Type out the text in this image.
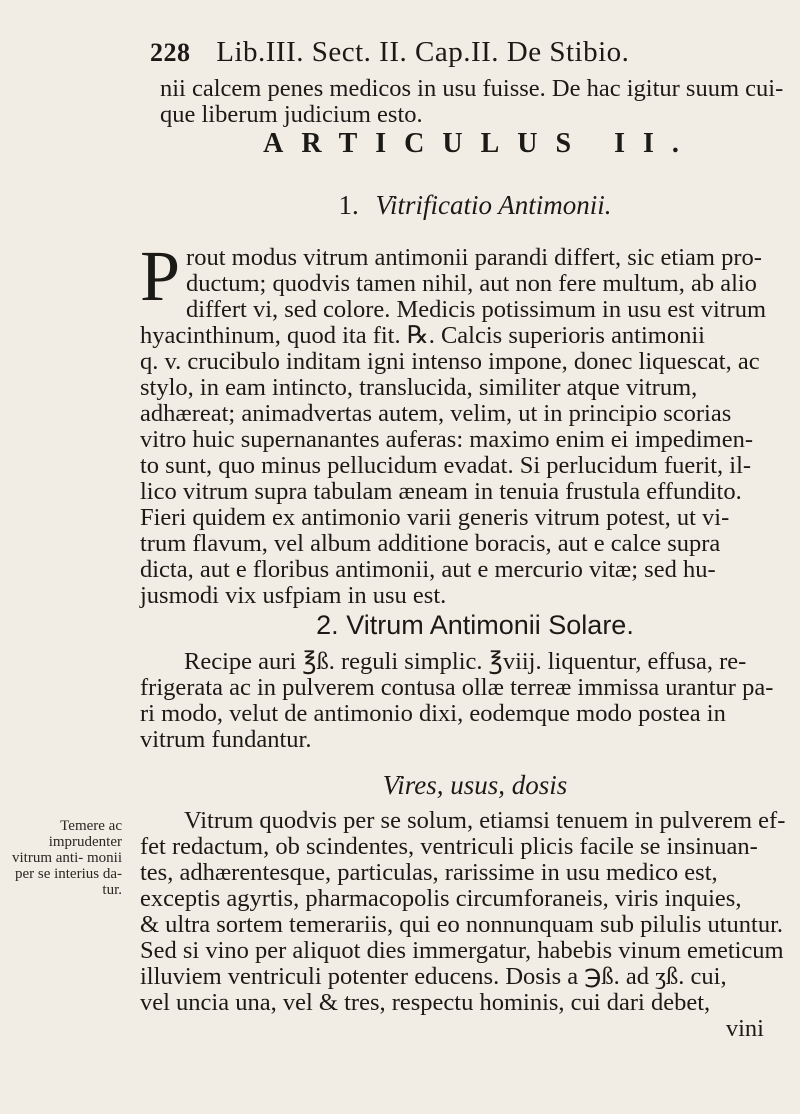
228 Lib.III. Sect. II. Cap.II. De Stibio.
nii calcem penes medicos in usu fuisse. De hac igitur suum cui-
que liberum judicium esto.
ARTICULUS II.
1. Vitrificatio Antimonii.
P rout modus vitrum antimonii parandi differt, sic etiam pro-
ductum; quodvis tamen nihil, aut non fere multum, ab alio
differt vi, sed colore. Medicis potissimum in usu est vitrum
hyacinthinum, quod ita fit. ℞. Calcis superioris antimonii
q. v. crucibulo inditam igni intenso impone, donec liquescat, ac
stylo, in eam intincto, translucida, similiter atque vitrum,
adhæreat; animadvertas autem, velim, ut in principio scorias
vitro huic supernanantes auferas: maximo enim ei impedimen-
to sunt, quo minus pellucidum evadat. Si perlucidum fuerit, il-
lico vitrum supra tabulam æneam in tenuia frustula effundito.
Fieri quidem ex antimonio varii generis vitrum potest, ut vi-
trum flavum, vel album additione boracis, aut e calce supra
dicta, aut e floribus antimonii, aut e mercurio vitæ; sed hu-
jusmodi vix usfpiam in usu est.
2. Vitrum Antimonii Solare.
Recipe auri ℥ß. reguli simplic. ℥viij. liquentur, effusa, re-
frigerata ac in pulverem contusa ollæ terreæ immissa urantur pa-
ri modo, velut de antimonio dixi, eodemque modo postea in
vitrum fundantur.
Vires, usus, dosis
Temere ac imprudenter vitrum anti- monii per se interius da- tur.
Vitrum quodvis per se solum, etiamsi tenuem in pulverem ef-
fet redactum, ob scindentes, ventriculi plicis facile se insinuan-
tes, adhærentesque, particulas, rarissime in usu medico est,
exceptis agyrtis, pharmacopolis circumforaneis, viris inquies,
& ultra sortem temerariis, qui eo nonnunquam sub pilulis utuntur.
Sed si vino per aliquot dies immergatur, habebis vinum emeticum
illuviem ventriculi potenter educens. Dosis a ℈ß. ad ʒß. cui,
vel uncia una, vel & tres, respectu hominis, cui dari debet,
vini
